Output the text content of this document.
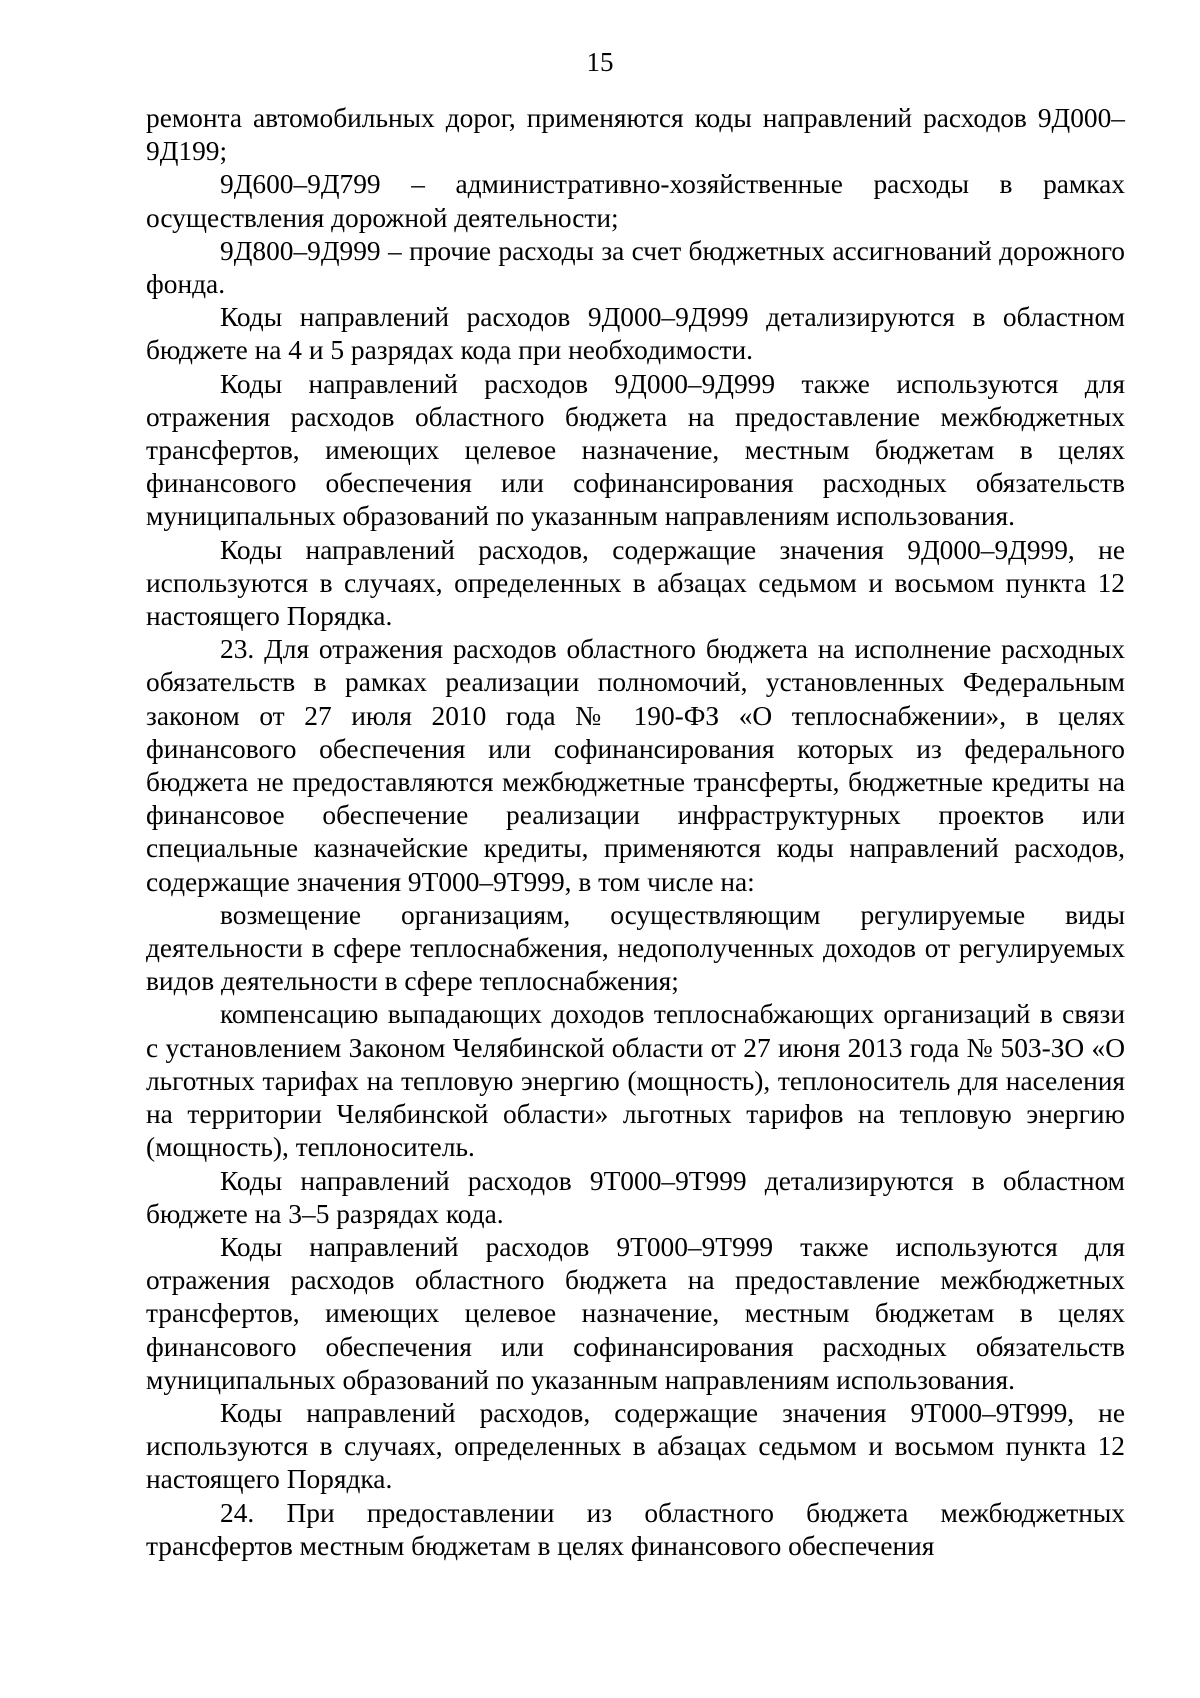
15

ремонта автомобильных дорог, применяются коды направлений расходов 9Д000–9Д199;

9Д600–9Д799 – административно-хозяйственные расходы в рамках осуществления дорожной деятельности;

9Д800–9Д999 – прочие расходы за счет бюджетных ассигнований дорожного фонда.

Коды направлений расходов 9Д000–9Д999 детализируются в областном бюджете на 4 и 5 разрядах кода при необходимости.

Коды направлений расходов 9Д000–9Д999 также используются для отражения расходов областного бюджета на предоставление межбюджетных трансфертов, имеющих целевое назначение, местным бюджетам в целях финансового обеспечения или софинансирования расходных обязательств муниципальных образований по указанным направлениям использования.

Коды направлений расходов, содержащие значения 9Д000–9Д999, не используются в случаях, определенных в абзацах седьмом и восьмом пункта 12 настоящего Порядка.

23. Для отражения расходов областного бюджета на исполнение расходных обязательств в рамках реализации полномочий, установленных Федеральным законом от 27 июля 2010 года № 190-ФЗ «О теплоснабжении», в целях финансового обеспечения или софинансирования которых из федерального бюджета не предоставляются межбюджетные трансферты, бюджетные кредиты на финансовое обеспечение реализации инфраструктурных проектов или специальные казначейские кредиты, применяются коды направлений расходов, содержащие значения 9Т000–9Т999, в том числе на:

возмещение организациям, осуществляющим регулируемые виды деятельности в сфере теплоснабжения, недополученных доходов от регулируемых видов деятельности в сфере теплоснабжения;

компенсацию выпадающих доходов теплоснабжающих организаций в связи с установлением Законом Челябинской области от 27 июня 2013 года № 503-ЗО «О льготных тарифах на тепловую энергию (мощность), теплоноситель для населения на территории Челябинской области» льготных тарифов на тепловую энергию (мощность), теплоноситель.

Коды направлений расходов 9Т000–9Т999 детализируются в областном бюджете на 3–5 разрядах кода.

Коды направлений расходов 9Т000–9Т999 также используются для отражения расходов областного бюджета на предоставление межбюджетных трансфертов, имеющих целевое назначение, местным бюджетам в целях финансового обеспечения или софинансирования расходных обязательств муниципальных образований по указанным направлениям использования.

Коды направлений расходов, содержащие значения 9Т000–9Т999, не используются в случаях, определенных в абзацах седьмом и восьмом пункта 12 настоящего Порядка.

24. При предоставлении из областного бюджета межбюджетных трансфертов местным бюджетам в целях финансового обеспечения
